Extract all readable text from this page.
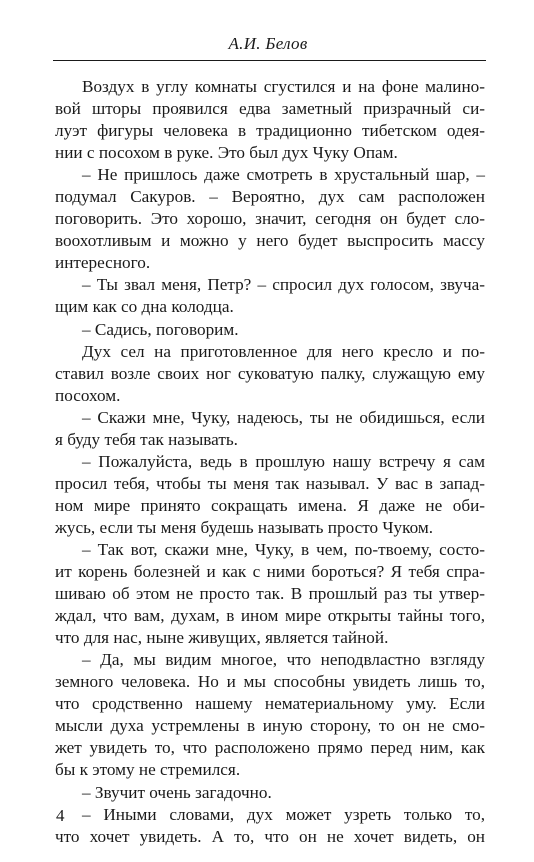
А.И. Белов
Воздух в углу комнаты сгустился и на фоне малино-
вой шторы проявился едва заметный призрачный си-
луэт фигуры человека в традиционно тибетском одея-
нии с посохом в руке. Это был дух Чуку Опам.
– Не пришлось даже смотреть в хрустальный шар, –
подумал Сакуров. – Вероятно, дух сам расположен
поговорить. Это хорошо, значит, сегодня он будет сло-
воохотливым и можно у него будет выспросить массу
интересного.
– Ты звал меня, Петр? – спросил дух голосом, звуча-
щим как со дна колодца.
– Садись, поговорим.
Дух сел на приготовленное для него кресло и по-
ставил возле своих ног суковатую палку, служащую ему
посохом.
– Скажи мне, Чуку, надеюсь, ты не обидишься, если
я буду тебя так называть.
– Пожалуйста, ведь в прошлую нашу встречу я сам
просил тебя, чтобы ты меня так называл. У вас в запад-
ном мире принято сокращать имена. Я даже не оби-
жусь, если ты меня будешь называть просто Чуком.
– Так вот, скажи мне, Чуку, в чем, по-твоему, состо-
ит корень болезней и как с ними бороться? Я тебя спра-
шиваю об этом не просто так. В прошлый раз ты утвер-
ждал, что вам, духам, в ином мире открыты тайны того,
что для нас, ныне живущих, является тайной.
– Да, мы видим многое, что неподвластно взгляду
земного человека. Но и мы способны увидеть лишь то,
что сродственно нашему нематериальному уму. Если
мысли духа устремлены в иную сторону, то он не смо-
жет увидеть то, что расположено прямо перед ним, как
бы к этому не стремился.
– Звучит очень загадочно.
– Иными словами, дух может узреть только то,
что хочет увидеть. А то, что он не хочет видеть, он
4
